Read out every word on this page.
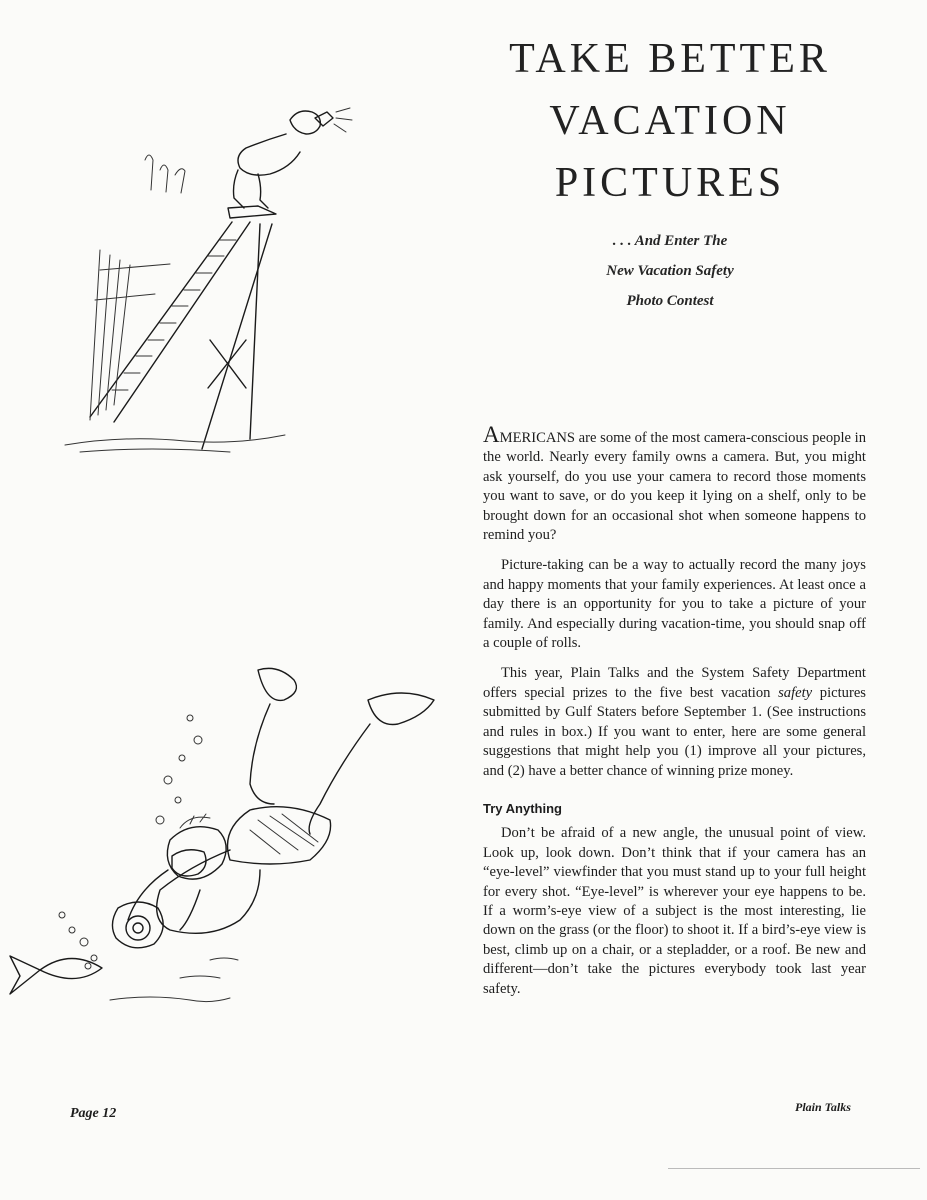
TAKE BETTER
VACATION
PICTURES
. . . And Enter The
New Vacation Safety
Photo Contest

AMERICANS are some of the most camera-conscious people in the world. Nearly every family owns a camera. But, you might ask yourself, do you use your camera to record those moments you want to save, or do you keep it lying on a shelf, only to be brought down for an occasional shot when someone happens to remind you?

Picture-taking can be a way to actually record the many joys and happy moments that your family experiences. At least once a day there is an opportunity for you to take a picture of your family. And especially during vacation-time, you should snap off a couple of rolls.

This year, Plain Talks and the System Safety Department offers special prizes to the five best vacation safety pictures submitted by Gulf Staters before September 1. (See instructions and rules in box.) If you want to enter, here are some general suggestions that might help you (1) improve all your pictures, and (2) have a better chance of winning prize money.

Try Anything

Don’t be afraid of a new angle, the unusual point of view. Look up, look down. Don’t think that if your camera has an “eye-level” viewfinder that you must stand up to your full height for every shot. “Eye-level” is wherever your eye happens to be. If a worm’s-eye view of a subject is the most interesting, lie down on the grass (or the floor) to shoot it. If a bird’s-eye view is best, climb up on a chair, or a stepladder, or a roof. Be new and different—don’t take the pictures everybody took last year safety.

Page 12	Plain Talks
